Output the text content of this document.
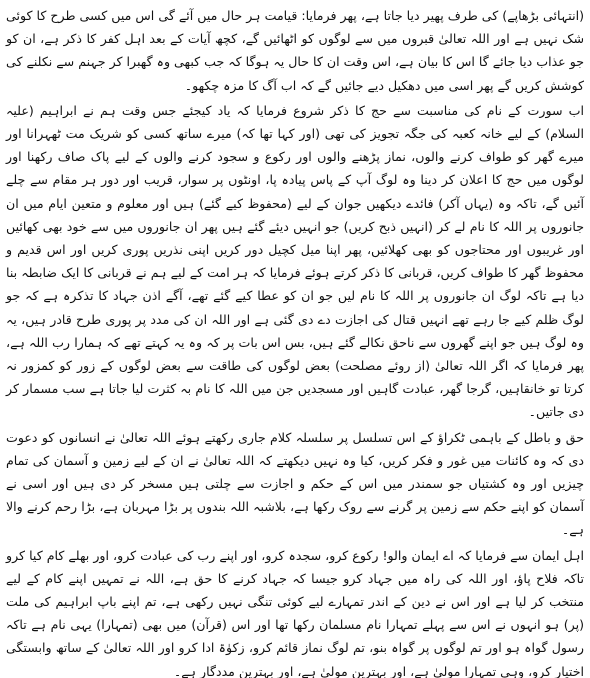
(انتہائی بڑھاپے) کی طرف پھیر دیا جاتا ہے، پھر فرمایا: قیامت ہر حال میں آئے گی اس میں کسی طرح کا کوئی شک نہیں ہے اور اللہ تعالیٰ قبروں میں سے لوگوں کو اٹھائیں گے، کچھ آیات کے بعد اہل کفر کا ذکر ہے، ان کو جو عذاب دیا جائے گا اس کا بیان ہے، اس وقت ان کا حال یہ ہوگا کہ جب کبھی وہ گھبرا کر جہنم سے نکلنے کی کوشش کریں گے پھر اسی میں دھکیل دیے جائیں گے کہ اب آگ کا مزہ چکھو۔

اب سورت کے نام کی مناسبت سے حج کا ذکر شروع فرمایا کہ یاد کیجئے جس وقت ہم نے ابراہیم (علیہ السلام) کے لیے خانہ کعبہ کی جگہ تجویز کی تھی (اور کہا تھا کہ) میرے ساتھ کسی کو شریک مت ٹھہرانا اور میرے گھر کو طواف کرنے والوں، نماز پڑھنے والوں اور رکوع و سجود کرنے والوں کے لیے پاک صاف رکھنا اور لوگوں میں حج کا اعلان کر دینا وہ لوگ آپ کے پاس پیادہ پا، اونٹوں پر سوار، قریب اور دور ہر مقام سے چلے آئیں گے، تاکہ وہ (یہاں آکر) فائدے دیکھیں جوان کے لیے (محفوظ کیے گئے) ہیں اور معلوم و متعین ایام میں ان جانوروں پر اللہ کا نام لے کر (انہیں ذبح کریں) جو انہیں دیئے گئے ہیں پھر ان جانوروں میں سے خود بھی کھائیں اور غریبوں اور محتاجوں کو بھی کھلائیں، پھر اپنا میل کچیل دور کریں اپنی نذریں پوری کریں اور اس قدیم و محفوظ گھر کا طواف کریں، قربانی کا ذکر کرتے ہوئے فرمایا کہ ہر امت کے لیے ہم نے قربانی کا ایک ضابطہ بنا دیا ہے تاکہ لوگ ان جانوروں پر اللہ کا نام لیں جو ان کو عطا کیے گئے تھے، آگے اذن جہاد کا تذکرہ ہے کہ جو لوگ ظلم کیے جا رہے تھے انہیں قتال کی اجازت دے دی گئی ہے اور اللہ ان کی مدد پر پوری طرح قادر ہیں، یہ وہ لوگ ہیں جو اپنے گھروں سے ناحق نکالے گئے ہیں، بس اس بات پر کہ وہ یہ کہتے تھے کہ ہمارا رب اللہ ہے، پھر فرمایا کہ اگر اللہ تعالیٰ (از روئے مصلحت) بعض لوگوں کی طاقت سے بعض لوگوں کے زور کو کمزور نہ کرتا تو خانقاہیں، گرجا گھر، عبادت گاہیں اور مسجدیں جن میں اللہ کا نام بہ کثرت لیا جاتا ہے سب مسمار کر دی جاتیں۔

حق و باطل کے باہمی ٹکراؤ کے اس تسلسل پر سلسلہ کلام جاری رکھتے ہوئے اللہ تعالیٰ نے انسانوں کو دعوت دی کہ وہ کائنات میں غور و فکر کریں، کیا وہ نہیں دیکھتے کہ اللہ تعالیٰ نے ان کے لیے زمین و آسمان کی تمام چیزیں اور وہ کشتیاں جو سمندر میں اس کے حکم و اجازت سے چلتی ہیں مسخر کر دی ہیں اور اسی نے آسمان کو اپنے حکم سے زمین پر گرنے سے روک رکھا ہے، بلاشبہ اللہ بندوں پر بڑا مہربان ہے، بڑا رحم کرنے والا ہے۔

اہل ایمان سے فرمایا کہ اے ایمان والو! رکوع کرو، سجدہ کرو، اور اپنے رب کی عبادت کرو، اور بھلے کام کیا کرو تاکہ فلاح پاؤ، اور اللہ کی راہ میں جہاد کرو جیسا کہ جہاد کرنے کا حق ہے، اللہ نے تمہیں اپنے کام کے لیے منتخب کر لیا ہے اور اس نے دین کے اندر تمہارے لیے کوئی تنگی نہیں رکھی ہے، تم اپنے باپ ابراہیم کی ملت (پر) ہو انہوں نے اس سے پہلے تمہارا نام مسلمان رکھا تھا اور اس (قرآن) میں بھی (تمہارا) یہی نام ہے تاکہ رسول گواہ ہو اور تم لوگوں پر گواہ بنو، تم لوگ نماز قائم کرو، زکوٰۃ ادا کرو اور اللہ تعالیٰ کے ساتھ وابستگی اختیار کرو، وہی تمہارا مولیٰ ہے، اور بہترین مولیٰ ہے، اور بہترین مددگار ہے۔
